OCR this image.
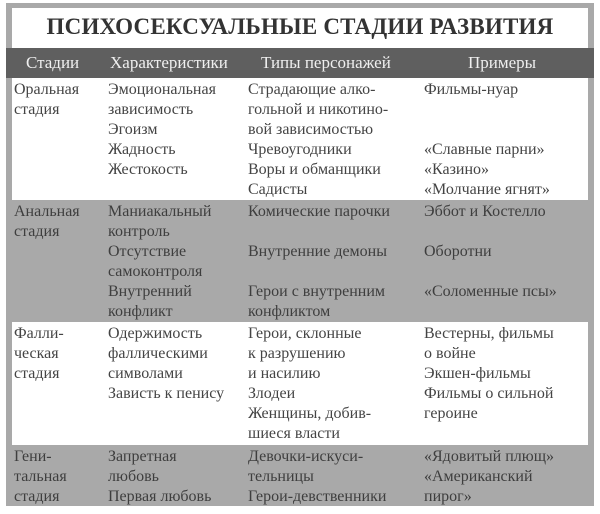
ПСИХОСЕКСУАЛЬНЫЕ СТАДИИ РАЗВИТИЯ
Стадии Характеристики Типы персонажей	Примеры
Оральная
стадия
Эмоциональная
зависимость
Эгоизм
Жадность
Жестокость
Страдающие алко-
гольной и никотино-
вой зависимостью
Чревоугодники
Воры и обманщики
Садисты
Фильмы-нуар

«Славные парни»
«Казино»
«Молчание ягнят»
Анальная
стадия
Маниакальный
контроль
Отсутствие
самоконтроля
Внутренний
конфликт
Комические парочки

Внутренние демоны

Герои с внутренним
конфликтом
Эббот и Костелло

Оборотни

«Соломенные псы»
Фалли-
ческая
стадия
Одержимость
фаллическими
символами
Зависть к пенису
Герои, склонные
к разрушению
и насилию
Злодеи
Женщины, добив-
шиеся власти
Вестерны, фильмы
о войне
Экшен-фильмы
Фильмы о сильной
героине
Гени-
тальная
стадия
Запретная
любовь
Первая любовь
Девочки-искуси-
тельницы
Герои-девственники
«Ядовитый плющ»
«Американский
пирог»
